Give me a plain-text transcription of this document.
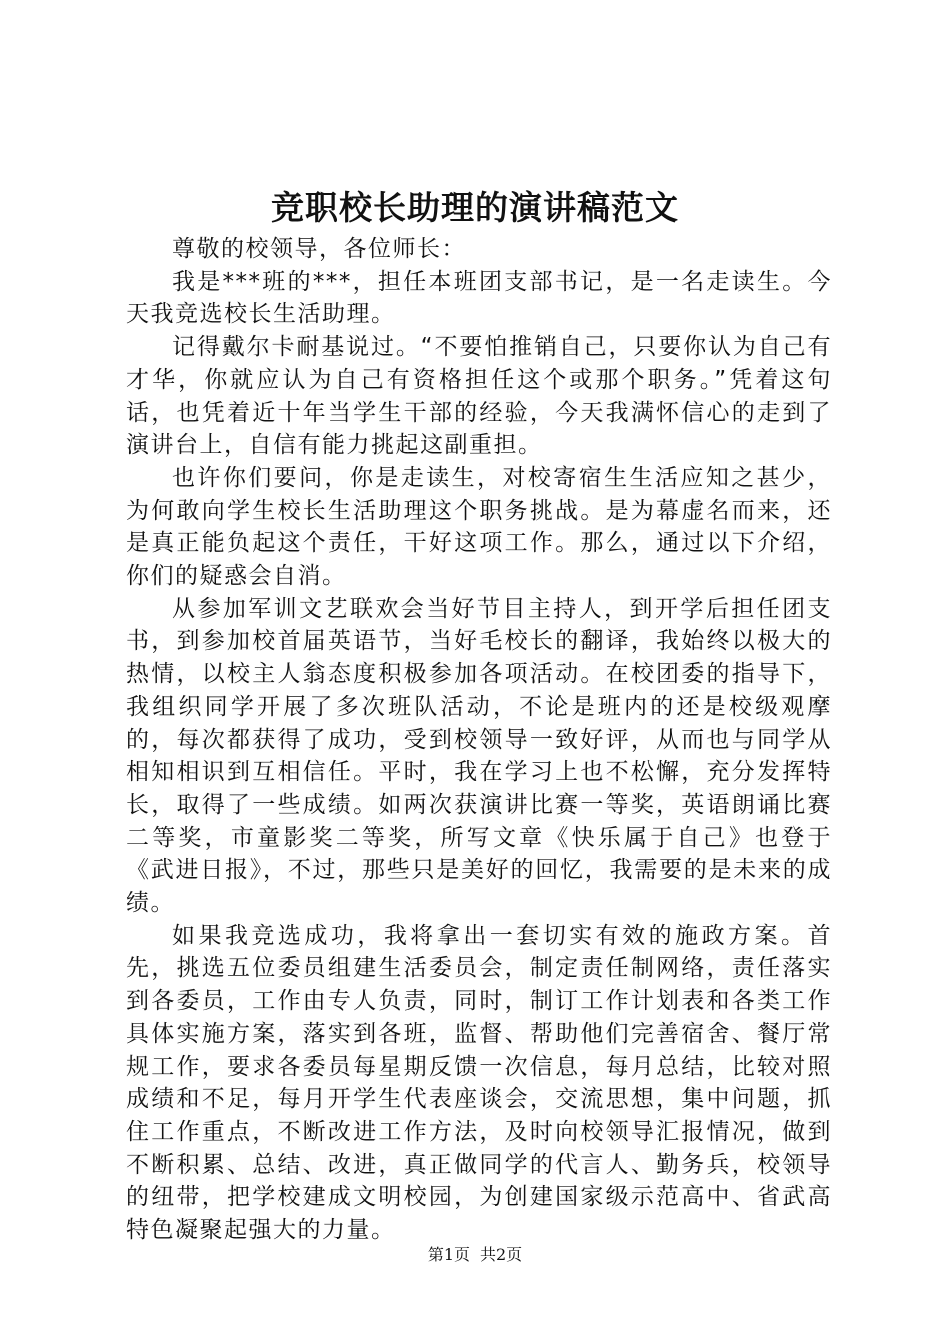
竞职校长助理的演讲稿范文

尊敬的校领导，各位师长：

我是***班的***，担任本班团支部书记，是一名走读生。今天我竞选校长生活助理。

记得戴尔卡耐基说过。“不要怕推销自己，只要你认为自己有才华，你就应认为自己有资格担任这个或那个职务。”凭着这句话，也凭着近十年当学生干部的经验，今天我满怀信心的走到了演讲台上，自信有能力挑起这副重担。

也许你们要问，你是走读生，对校寄宿生生活应知之甚少，为何敢向学生校长生活助理这个职务挑战。是为幕虚名而来，还是真正能负起这个责任，干好这项工作。那么，通过以下介绍，你们的疑惑会自消。

从参加军训文艺联欢会当好节目主持人，到开学后担任团支书，到参加校首届英语节，当好毛校长的翻译，我始终以极大的热情，以校主人翁态度积极参加各项活动。在校团委的指导下，我组织同学开展了多次班队活动，不论是班内的还是校级观摩的，每次都获得了成功，受到校领导一致好评，从而也与同学从相知相识到互相信任。平时，我在学习上也不松懈，充分发挥特长，取得了一些成绩。如两次获演讲比赛一等奖，英语朗诵比赛二等奖，市童影奖二等奖，所写文章《快乐属于自己》也登于《武进日报》，不过，那些只是美好的回忆，我需要的是未来的成绩。

如果我竞选成功，我将拿出一套切实有效的施政方案。首先，挑选五位委员组建生活委员会，制定责任制网络，责任落实到各委员，工作由专人负责，同时，制订工作计划表和各类工作具体实施方案，落实到各班，监督、帮助他们完善宿舍、餐厅常规工作，要求各委员每星期反馈一次信息，每月总结，比较对照成绩和不足，每月开学生代表座谈会，交流思想，集中问题，抓住工作重点，不断改进工作方法，及时向校领导汇报情况，做到不断积累、总结、改进，真正做同学的代言人、勤务兵，校领导的纽带，把学校建成文明校园，为创建国家级示范高中、省武高特色凝聚起强大的力量。

第1页 共2页
